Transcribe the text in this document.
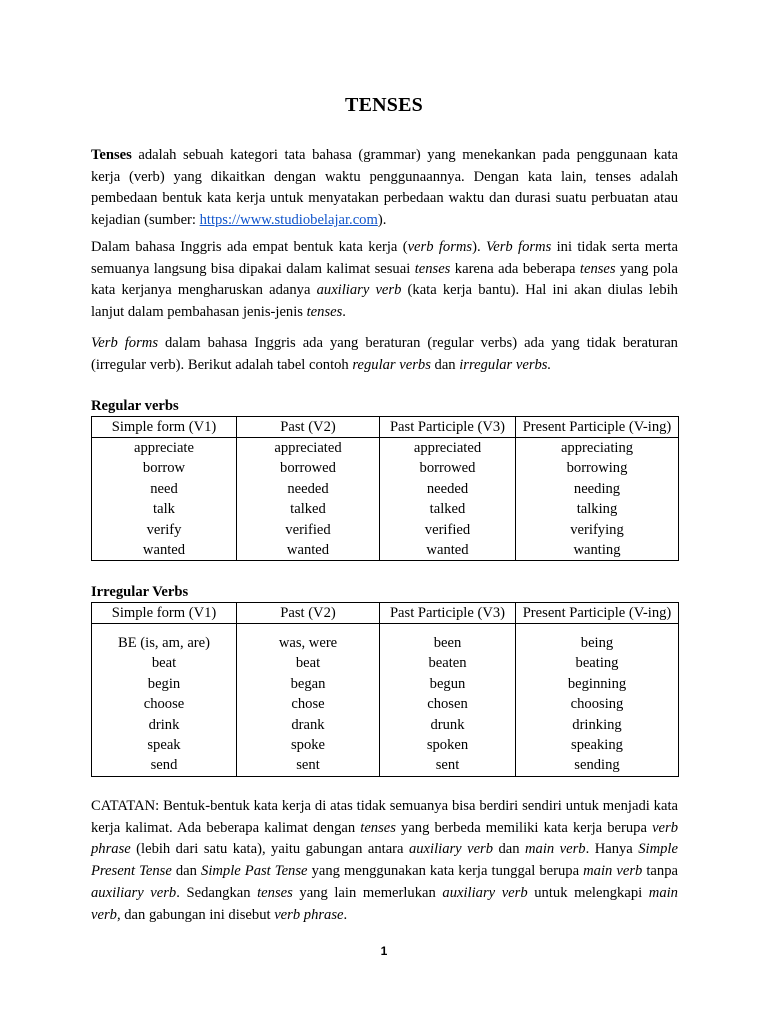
TENSES

Tenses adalah sebuah kategori tata bahasa (grammar) yang menekankan pada penggunaan kata kerja (verb) yang dikaitkan dengan waktu penggunaannya. Dengan kata lain, tenses adalah pembedaan bentuk kata kerja untuk menyatakan perbedaan waktu dan durasi suatu perbuatan atau kejadian (sumber: https://www.studiobelajar.com).

Dalam bahasa Inggris ada empat bentuk kata kerja (verb forms). Verb forms ini tidak serta merta semuanya langsung bisa dipakai dalam kalimat sesuai tenses karena ada beberapa tenses yang pola kata kerjanya mengharuskan adanya auxiliary verb (kata kerja bantu). Hal ini akan diulas lebih lanjut dalam pembahasan jenis-jenis tenses.

Verb forms dalam bahasa Inggris ada yang beraturan (regular verbs) ada yang tidak beraturan (irregular verb). Berikut adalah tabel contoh regular verbs dan irregular verbs.

Regular verbs
Simple form (V1)	Past (V2)	Past Participle (V3)	Present Participle (V-ing)
appreciate	appreciated	appreciated	appreciating
borrow	borrowed	borrowed	borrowing
need	needed	needed	needing
talk	talked	talked	talking
verify	verified	verified	verifying
wanted	wanted	wanted	wanting
Irregular Verbs
Simple form (V1)	Past (V2)	Past Participle (V3)	Present Participle (V-ing)
BE (is, am, are)	was, were	been	being
beat	beat	beaten	beating
begin	began	begun	beginning
choose	chose	chosen	choosing
drink	drank	drunk	drinking
speak	spoke	spoken	speaking
send	sent	sent	sending

CATATAN: Bentuk-bentuk kata kerja di atas tidak semuanya bisa berdiri sendiri untuk menjadi kata kerja kalimat. Ada beberapa kalimat dengan tenses yang berbeda memiliki kata kerja berupa verb phrase (lebih dari satu kata), yaitu gabungan antara auxiliary verb dan main verb. Hanya Simple Present Tense dan Simple Past Tense yang menggunakan kata kerja tunggal berupa main verb tanpa auxiliary verb. Sedangkan tenses yang lain memerlukan auxiliary verb untuk melengkapi main verb, dan gabungan ini disebut verb phrase.

1
